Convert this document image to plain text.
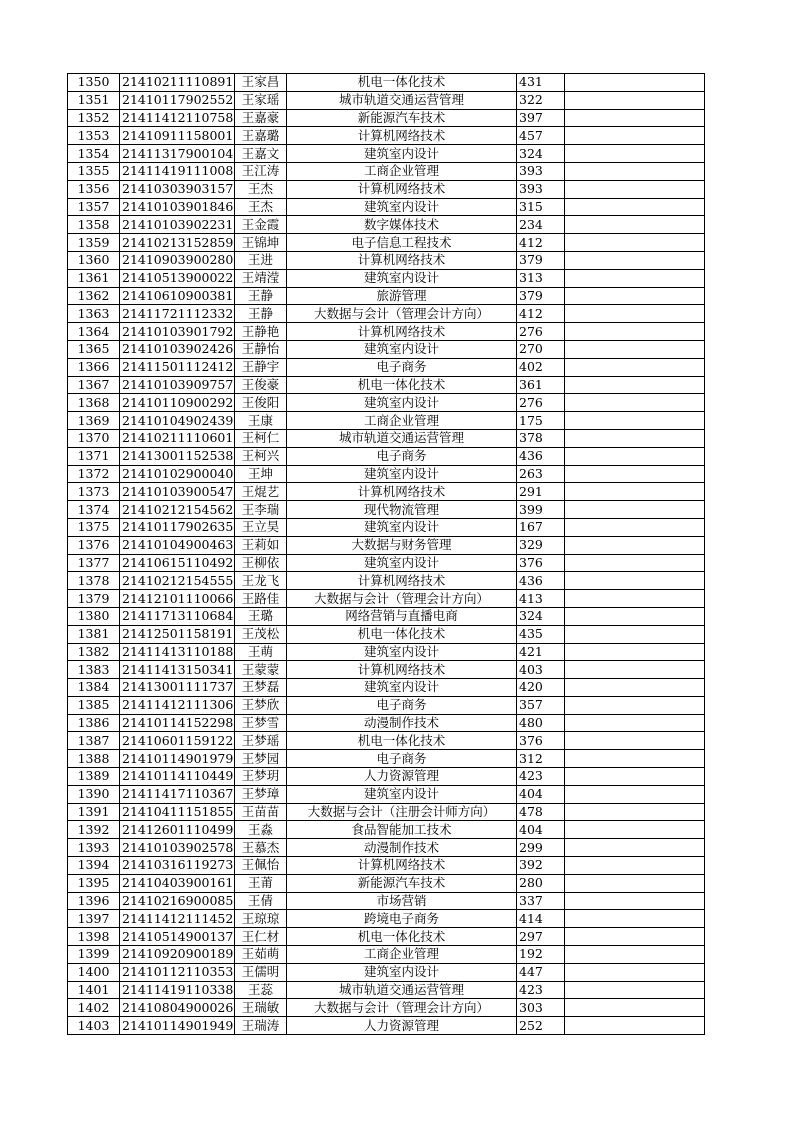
1350	21410211110891	王家昌	机电一体化技术	431	
1351	21410117902552	王家瑶	城市轨道交通运营管理	322	
1352	21411412110758	王嘉豪	新能源汽车技术	397	
1353	21410911158001	王嘉璐	计算机网络技术	457	
1354	21411317900104	王嘉文	建筑室内设计	324	
1355	21411419111008	王江涛	工商企业管理	393	
1356	21410303903157	王杰	计算机网络技术	393	
1357	21410103901846	王杰	建筑室内设计	315	
1358	21410103902231	王金霞	数字媒体技术	234	
1359	21410213152859	王锦坤	电子信息工程技术	412	
1360	21410903900280	王进	计算机网络技术	379	
1361	21410513900022	王靖滢	建筑室内设计	313	
1362	21410610900381	王静	旅游管理	379	
1363	21411721112332	王静	大数据与会计（管理会计方向）	412	
1364	21410103901792	王静艳	计算机网络技术	276	
1365	21410103902426	王静怡	建筑室内设计	270	
1366	21411501112412	王静宇	电子商务	402	
1367	21410103909757	王俊豪	机电一体化技术	361	
1368	21410110900292	王俊阳	建筑室内设计	276	
1369	21410104902439	王康	工商企业管理	175	
1370	21410211110601	王柯仁	城市轨道交通运营管理	378	
1371	21413001152538	王柯兴	电子商务	436	
1372	21410102900040	王坤	建筑室内设计	263	
1373	21410103900547	王焜艺	计算机网络技术	291	
1374	21410212154562	王李瑞	现代物流管理	399	
1375	21410117902635	王立昊	建筑室内设计	167	
1376	21410104900463	王莉如	大数据与财务管理	329	
1377	21410615110492	王柳依	建筑室内设计	376	
1378	21410212154555	王龙飞	计算机网络技术	436	
1379	21412101110066	王路佳	大数据与会计（管理会计方向）	413	
1380	21411713110684	王璐	网络营销与直播电商	324	
1381	21412501158191	王茂松	机电一体化技术	435	
1382	21411413110188	王萌	建筑室内设计	421	
1383	21411413150341	王蒙蒙	计算机网络技术	403	
1384	21413001111737	王梦磊	建筑室内设计	420	
1385	21411412111306	王梦欣	电子商务	357	
1386	21410114152298	王梦雪	动漫制作技术	480	
1387	21410601159122	王梦瑶	机电一体化技术	376	
1388	21410114901979	王梦园	电子商务	312	
1389	21410114110449	王梦玥	人力资源管理	423	
1390	21411417110367	王梦璋	建筑室内设计	404	
1391	21410411151855	王苗苗	大数据与会计（注册会计师方向）	478	
1392	21412601110499	王淼	食品智能加工技术	404	
1393	21410103902578	王慕杰	动漫制作技术	299	
1394	21410316119273	王佩怡	计算机网络技术	392	
1395	21410403900161	王莆	新能源汽车技术	280	
1396	21410216900085	王倩	市场营销	337	
1397	21411412111452	王琼琼	跨境电子商务	414	
1398	21410514900137	王仁材	机电一体化技术	297	
1399	21410920900189	王茹萌	工商企业管理	192	
1400	21410112110353	王儒明	建筑室内设计	447	
1401	21411419110338	王蕊	城市轨道交通运营管理	423	
1402	21410804900026	王瑞敏	大数据与会计（管理会计方向）	303	
1403	21410114901949	王瑞涛	人力资源管理	252	
